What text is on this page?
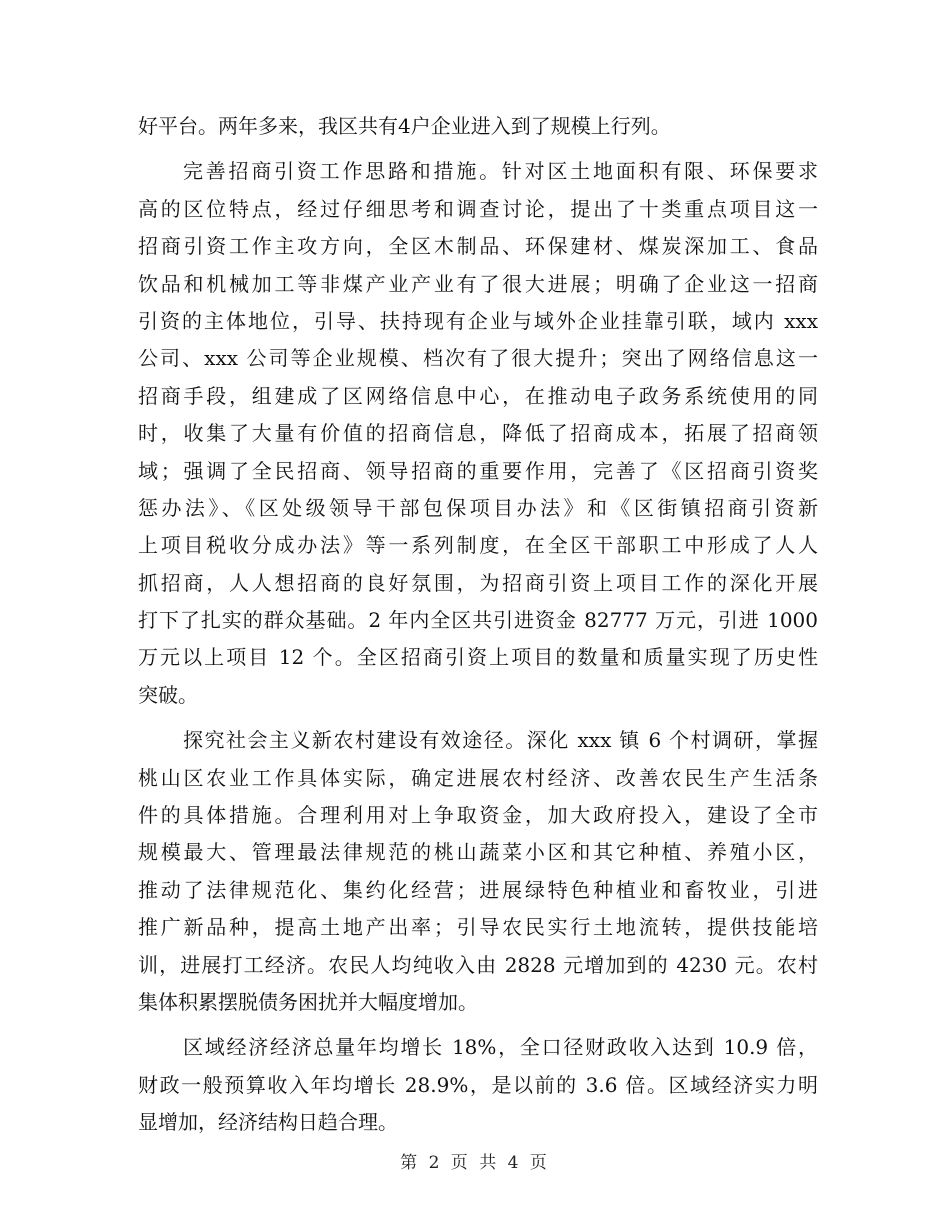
好平台。两年多来，我区共有4户企业进入到了规模上行列。
完善招商引资工作思路和措施。针对区土地面积有限、环保要求
高的区位特点，经过仔细思考和调查讨论，提出了十类重点项目这一
招商引资工作主攻方向，全区木制品、环保建材、煤炭深加工、食品
饮品和机械加工等非煤产业产业有了很大进展；明确了企业这一招商
引资的主体地位，引导、扶持现有企业与域外企业挂靠引联，域内 xxx
公司、xxx 公司等企业规模、档次有了很大提升；突出了网络信息这一
招商手段，组建成了区网络信息中心，在推动电子政务系统使用的同
时，收集了大量有价值的招商信息，降低了招商成本，拓展了招商领
域；强调了全民招商、领导招商的重要作用，完善了《区招商引资奖
惩办法》、《区处级领导干部包保项目办法》和《区街镇招商引资新
上项目税收分成办法》等一系列制度，在全区干部职工中形成了人人
抓招商，人人想招商的良好氛围，为招商引资上项目工作的深化开展
打下了扎实的群众基础。2 年内全区共引进资金 82777 万元，引进 1000
万元以上项目 12 个。全区招商引资上项目的数量和质量实现了历史性
突破。
探究社会主义新农村建设有效途径。深化 xxx 镇 6 个村调研，掌握
桃山区农业工作具体实际，确定进展农村经济、改善农民生产生活条
件的具体措施。合理利用对上争取资金，加大政府投入，建设了全市
规模最大、管理最法律规范的桃山蔬菜小区和其它种植、养殖小区，
推动了法律规范化、集约化经营；进展绿特色种植业和畜牧业，引进
推广新品种，提高土地产出率；引导农民实行土地流转，提供技能培
训，进展打工经济。农民人均纯收入由 2828 元增加到的 4230 元。农村
集体积累摆脱债务困扰并大幅度增加。
区域经济经济总量年均增长 18%，全口径财政收入达到 10.9 倍，
财政一般预算收入年均增长 28.9%，是以前的 3.6 倍。区域经济实力明
显增加，经济结构日趋合理。
第 2 页 共 4 页
